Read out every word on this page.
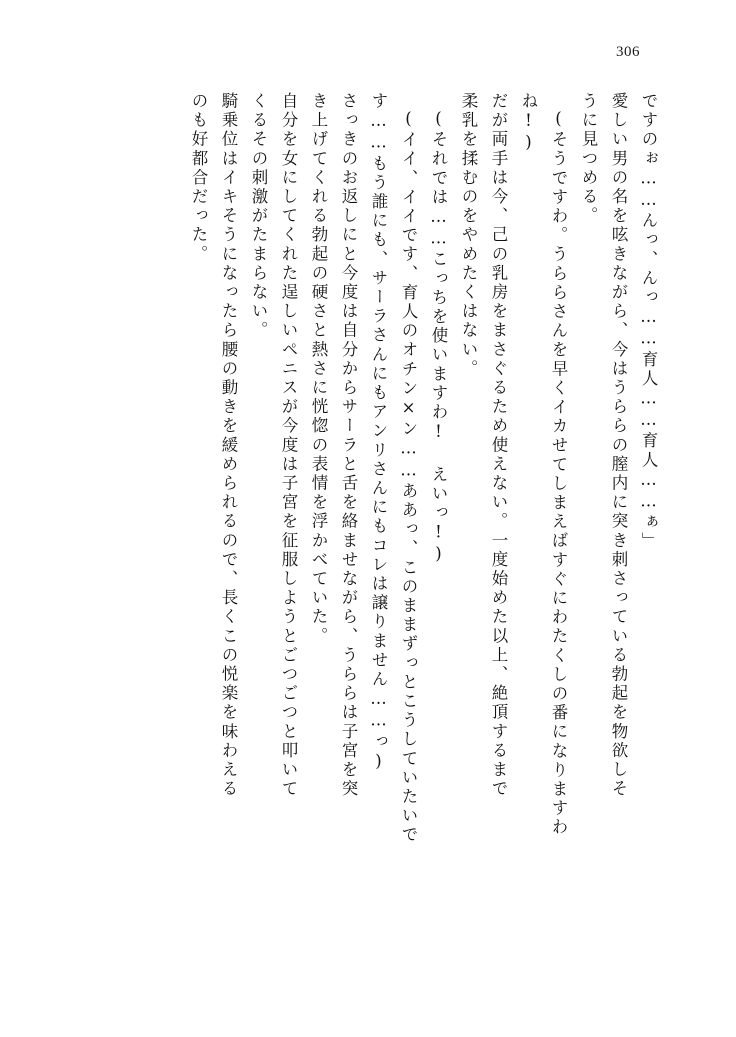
306
ですのぉ……んっ、んっ……育人……育人……ぁ」
愛しい男の名を呟きながら、今はうららの膣内に突き刺さっている勃起を物欲しそ
うに見つめる。
(そうですわ。うららさんを早くイカせてしまえばすぐにわたくしの番になりますわ
ね!)
だが両手は今、己の乳房をまさぐるため使えない。一度始めた以上、絶頂するまで
柔乳を揉むのをやめたくはない。
(それでは……こっちを使いますわ! えいっ!)
(イイ、イイです、育人のオチン×ン……ああっ、このままずっとこうしていたいで
す……もう誰にも、サーラさんにもアンリさんにもコレは譲りません……っ)
さっきのお返しにと今度は自分からサーラと舌を絡ませながら、うららは子宮を突
き上げてくれる勃起の硬さと熱さに恍惚の表情を浮かべていた。
自分を女にしてくれた逞しいペニスが今度は子宮を征服しようとごつごつと叩いて
くるその刺激がたまらない。
騎乗位はイキそうになったら腰の動きを緩められるので、長くこの悦楽を味わえる
のも好都合だった。
